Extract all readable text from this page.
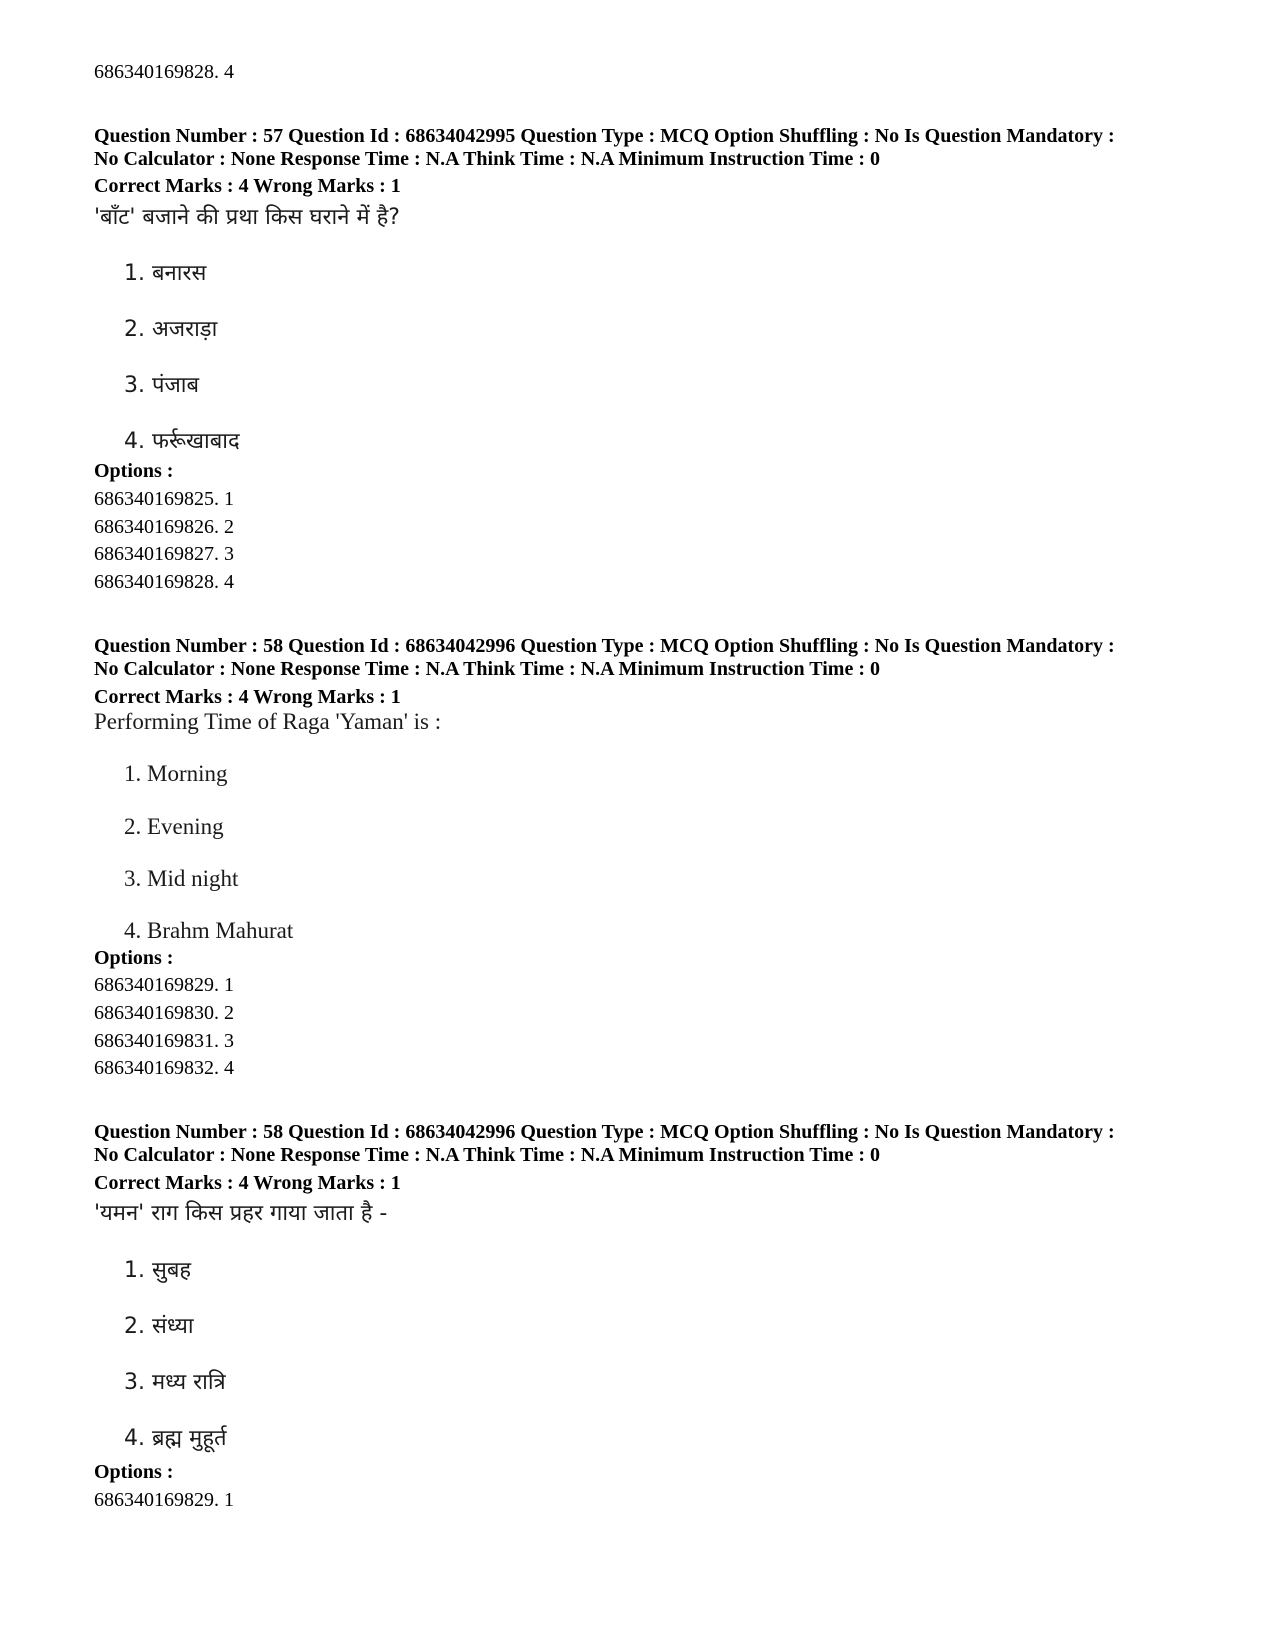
686340169828. 4
Question Number : 57 Question Id : 68634042995 Question Type : MCQ Option Shuffling : No Is Question Mandatory :
No Calculator : None Response Time : N.A Think Time : N.A Minimum Instruction Time : 0
Correct Marks : 4 Wrong Marks : 1
'बाँट' बजाने की प्रथा किस घराने में है?
1. बनारस
2. अजराड़ा
3. पंजाब
4. फर्रूखाबाद
Options :
686340169825. 1
686340169826. 2
686340169827. 3
686340169828. 4
Question Number : 58 Question Id : 68634042996 Question Type : MCQ Option Shuffling : No Is Question Mandatory :
No Calculator : None Response Time : N.A Think Time : N.A Minimum Instruction Time : 0
Correct Marks : 4 Wrong Marks : 1
Performing Time of Raga 'Yaman' is :
1. Morning
2. Evening
3. Mid night
4. Brahm Mahurat
Options :
686340169829. 1
686340169830. 2
686340169831. 3
686340169832. 4
Question Number : 58 Question Id : 68634042996 Question Type : MCQ Option Shuffling : No Is Question Mandatory :
No Calculator : None Response Time : N.A Think Time : N.A Minimum Instruction Time : 0
Correct Marks : 4 Wrong Marks : 1
'यमन' राग किस प्रहर गाया जाता है -
1. सुबह
2. संध्या
3. मध्य रात्रि
4. ब्रह्म मुहूर्त
Options :
686340169829. 1
